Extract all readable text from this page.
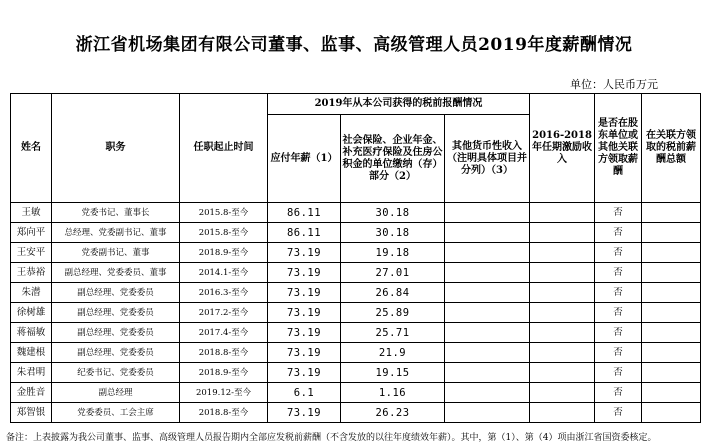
浙江省机场集团有限公司董事、监事、高级管理人员2019年度薪酬情况
单位：人民币万元
姓名	职务	任职起止时间	2019年从本公司获得的税前报酬情况			2016-2018年任期激励收入	是否在股东单位或其他关联方领取薪酬	在关联方领取的税前薪酬总额
			应付年薪（1）	社会保险、企业年金、补充医疗保险及住房公积金的单位缴纳（存）部分（2）	其他货币性收入（注明具体项目并分列）（3）			
王敏	党委书记、董事长	2015.8-至今	86.11	30.18			否	
郑向平	总经理、党委副书记、董事	2015.8-至今	86.11	30.18			否	
王安平	党委副书记、董事	2018.9-至今	73.19	19.18			否	
王恭裕	副总经理、党委委员、董事	2014.1-至今	73.19	27.01			否	
朱潜	副总经理、党委委员	2016.3-至今	73.19	26.84			否	
徐树雄	副总经理、党委委员	2017.2-至今	73.19	25.89			否	
蒋福敏	副总经理、党委委员	2017.4-至今	73.19	25.71			否	
魏建根	副总经理、党委委员	2018.8-至今	73.19	21.9			否	
朱君明	纪委书记、党委委员	2018.9-至今	73.19	19.15			否	
金胜音	副总经理	2019.12-至今	6.1	1.16			否	
郑智银	党委委员、工会主席	2018.8-至今	73.19	26.23			否	
备注：上表披露为我公司董事、监事、高级管理人员报告期内全部应发税前薪酬（不含发放的以往年度绩效年薪）。其中，第（1）、第（4）项由浙江省国资委核定。
